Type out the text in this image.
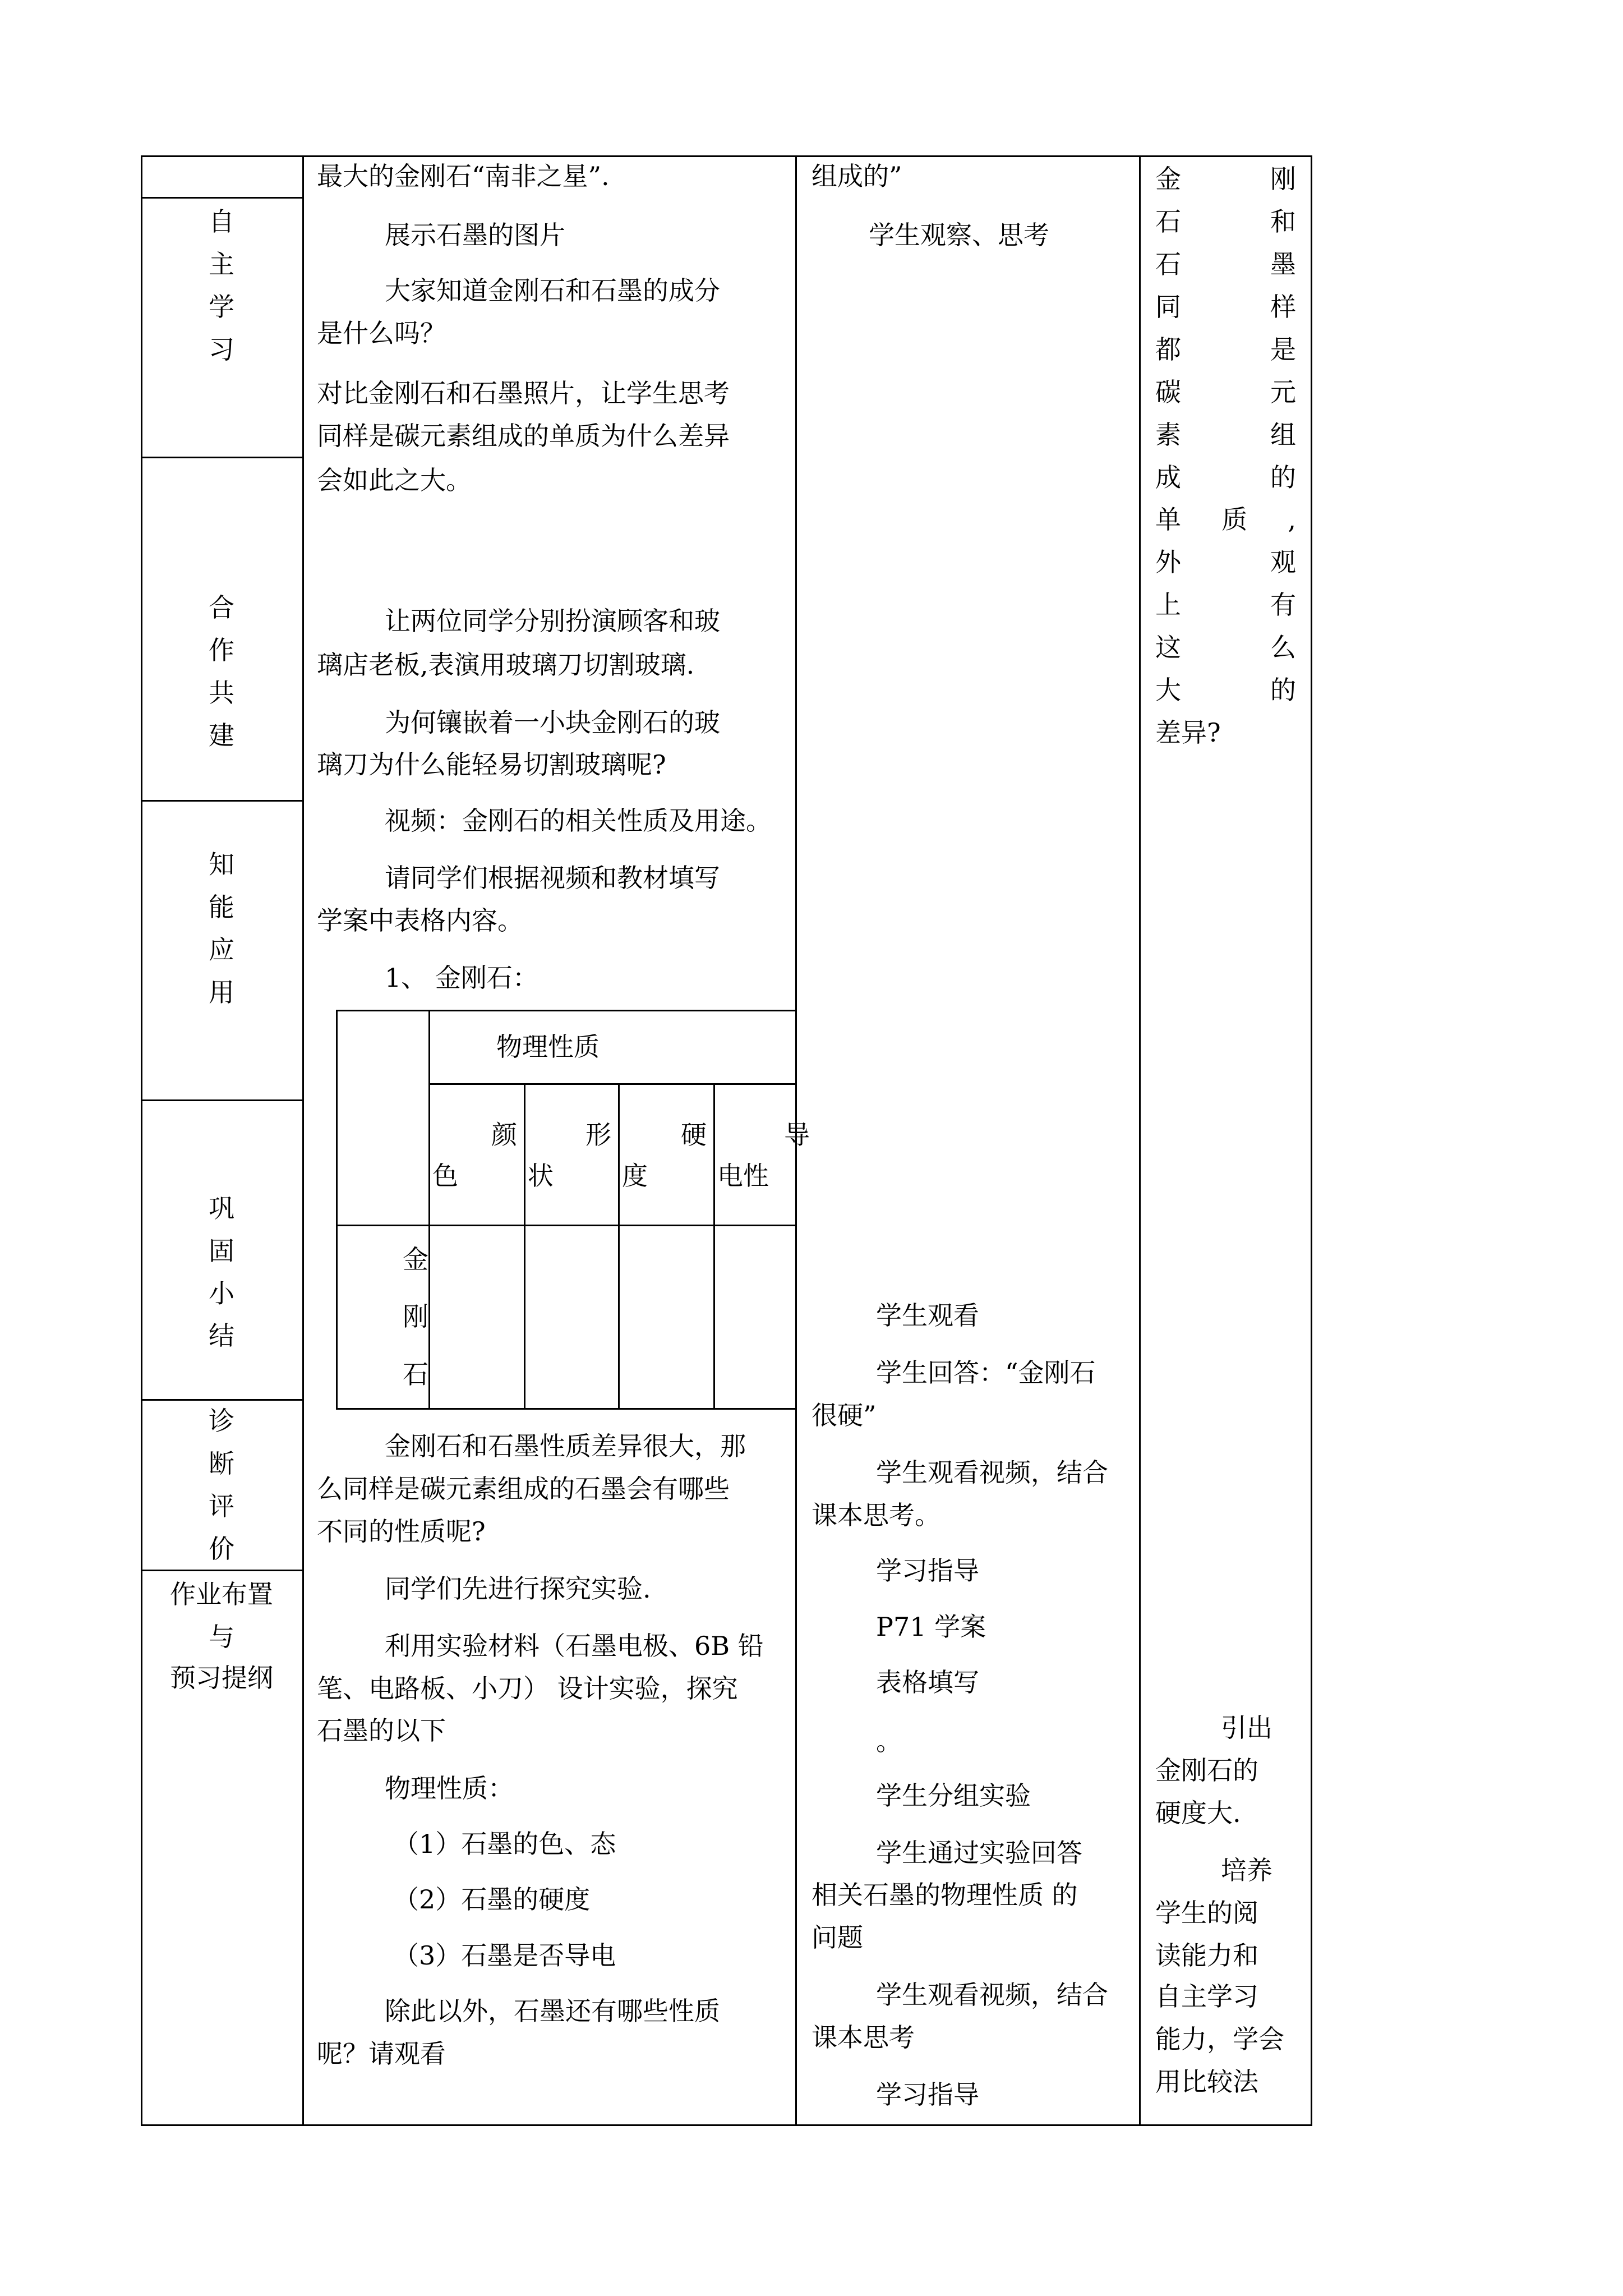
自
主
学
习
合
作
共
建
知
能
应
用
巩
固
小
结
诊
断
评
价
作业布置
与
预习提纲
最大的金刚石“南非之星”.
展示石墨的图片
大家知道金刚石和石墨的成分
是什么吗？
对比金刚石和石墨照片，让学生思考
同样是碳元素组成的单质为什么差异
会如此之大。
让两位同学分别扮演顾客和玻
璃店老板,表演用玻璃刀切割玻璃.
为何镶嵌着一小块金刚石的玻
璃刀为什么能轻易切割玻璃呢?
视频：金刚石的相关性质及用途。
请同学们根据视频和教材填写
学案中表格内容。
1、 金刚石：
物理性质
颜
色
形
状
硬
度
导
电性
金
刚
石
金刚石和石墨性质差异很大，那
么同样是碳元素组成的石墨会有哪些
不同的性质呢?
同学们先进行探究实验.
利用实验材料（石墨电极、6B 铅
笔、电路板、小刀） 设计实验，探究
石墨的以下
物理性质：
（1）石墨的色、态
（2）石墨的硬度
（3）石墨是否导电
除此以外，石墨还有哪些性质
呢？请观看
组成的”
学生观察、思考
学生观看
学生回答：“金刚石
很硬”
学生观看视频，结合
课本思考。
学习指导
P71 学案
表格填写
。
学生分组实验
学生通过实验回答
相关石墨的物理性质 的
问题
学生观看视频，结合
课本思考
学习指导
金刚
石和
石墨
同样
都是
碳元
素组
成的
单质,
外观
上有
这么
大的
差异?
引出
金刚石的
硬度大.
培养
学生的阅
读能力和
自主学习
能力，学会
用比较法
